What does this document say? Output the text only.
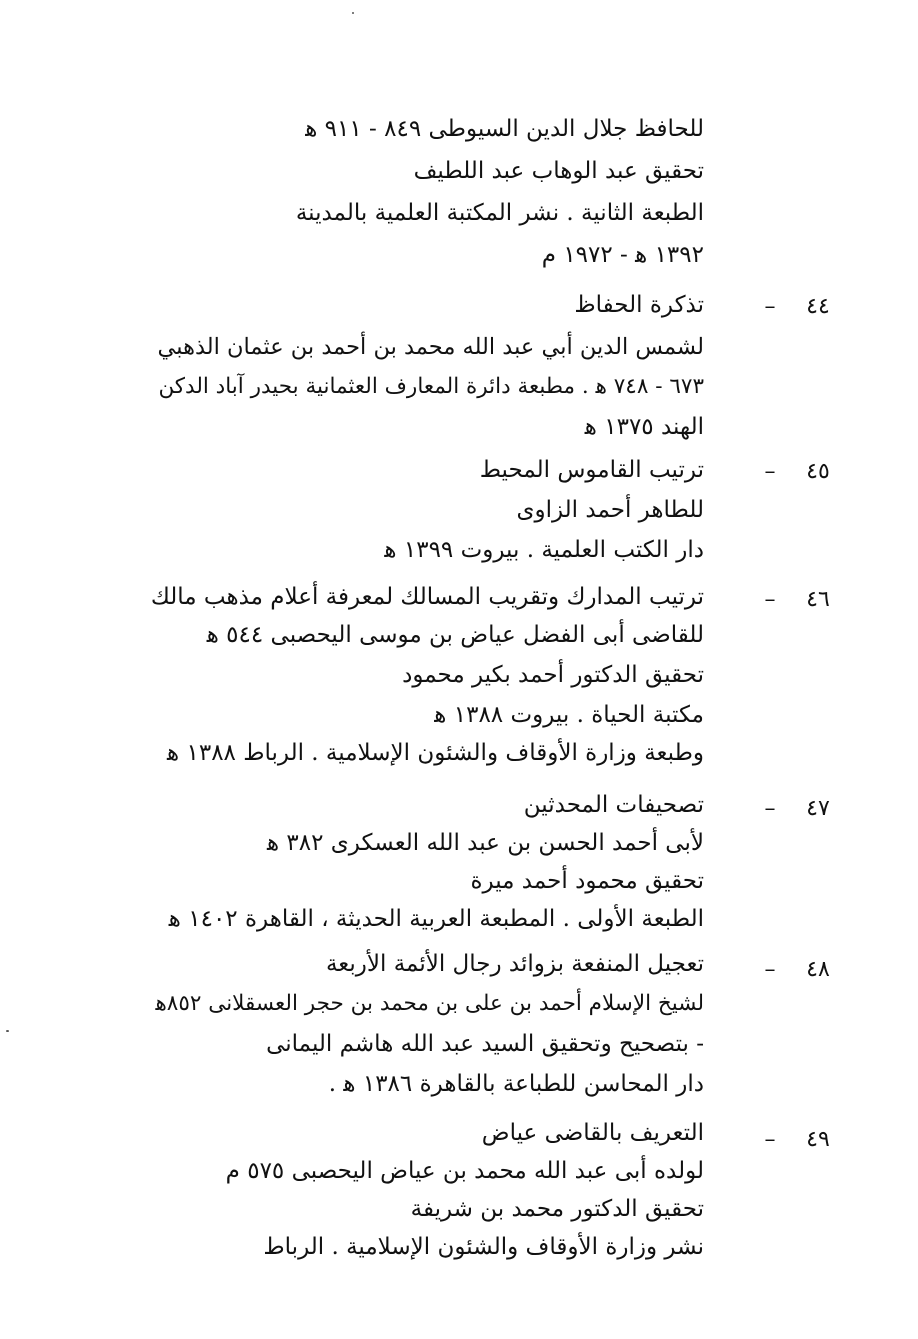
للحافظ جلال الدين السيوطى ٨٤٩ - ٩١١ ﻫ
تحقيق عبد الوهاب عبد اللطيف
الطبعة الثانية . نشر المكتبة العلمية بالمدينة
١٣٩٢ ﻫ - ١٩٧٢ م
٤٤
–
تذكرة الحفاظ
لشمس الدين أبي عبد الله محمد بن أحمد بن عثمان الذهبي
٦٧٣ - ٧٤٨ ﻫ . مطبعة دائرة المعارف العثمانية بحيدر آباد الدكن
الهند ١٣٧٥ ﻫ
٤٥
–
ترتيب القاموس المحيط
للطاهر أحمد الزاوى
دار الكتب العلمية . بيروت ١٣٩٩ ﻫ
٤٦
–
ترتيب المدارك وتقريب المسالك لمعرفة أعلام مذهب مالك
للقاضى أبى الفضل عياض بن موسى اليحصبى ٥٤٤ ﻫ
تحقيق الدكتور أحمد بكير محمود
مكتبة الحياة . بيروت ١٣٨٨ ﻫ
وطبعة وزارة الأوقاف والشئون الإسلامية . الرباط ١٣٨٨ ﻫ
٤٧
–
تصحيفات المحدثين
لأبى أحمد الحسن بن عبد الله العسكرى ٣٨٢ ﻫ
تحقيق محمود أحمد ميرة
الطبعة الأولى . المطبعة العربية الحديثة ، القاهرة ١٤٠٢ ﻫ
٤٨
–
تعجيل المنفعة بزوائد رجال الأئمة الأربعة
لشيخ الإسلام أحمد بن على بن محمد بن حجر العسقلانى ٨٥٢ﻫ
- بتصحيح وتحقيق السيد عبد الله هاشم اليمانى
دار المحاسن للطباعة بالقاهرة ١٣٨٦ ﻫ .
٤٩
–
التعريف بالقاضى عياض
لولده أبى عبد الله محمد بن عياض اليحصبى ٥٧٥ م
تحقيق الدكتور محمد بن شريفة
نشر وزارة الأوقاف والشئون الإسلامية . الرباط
